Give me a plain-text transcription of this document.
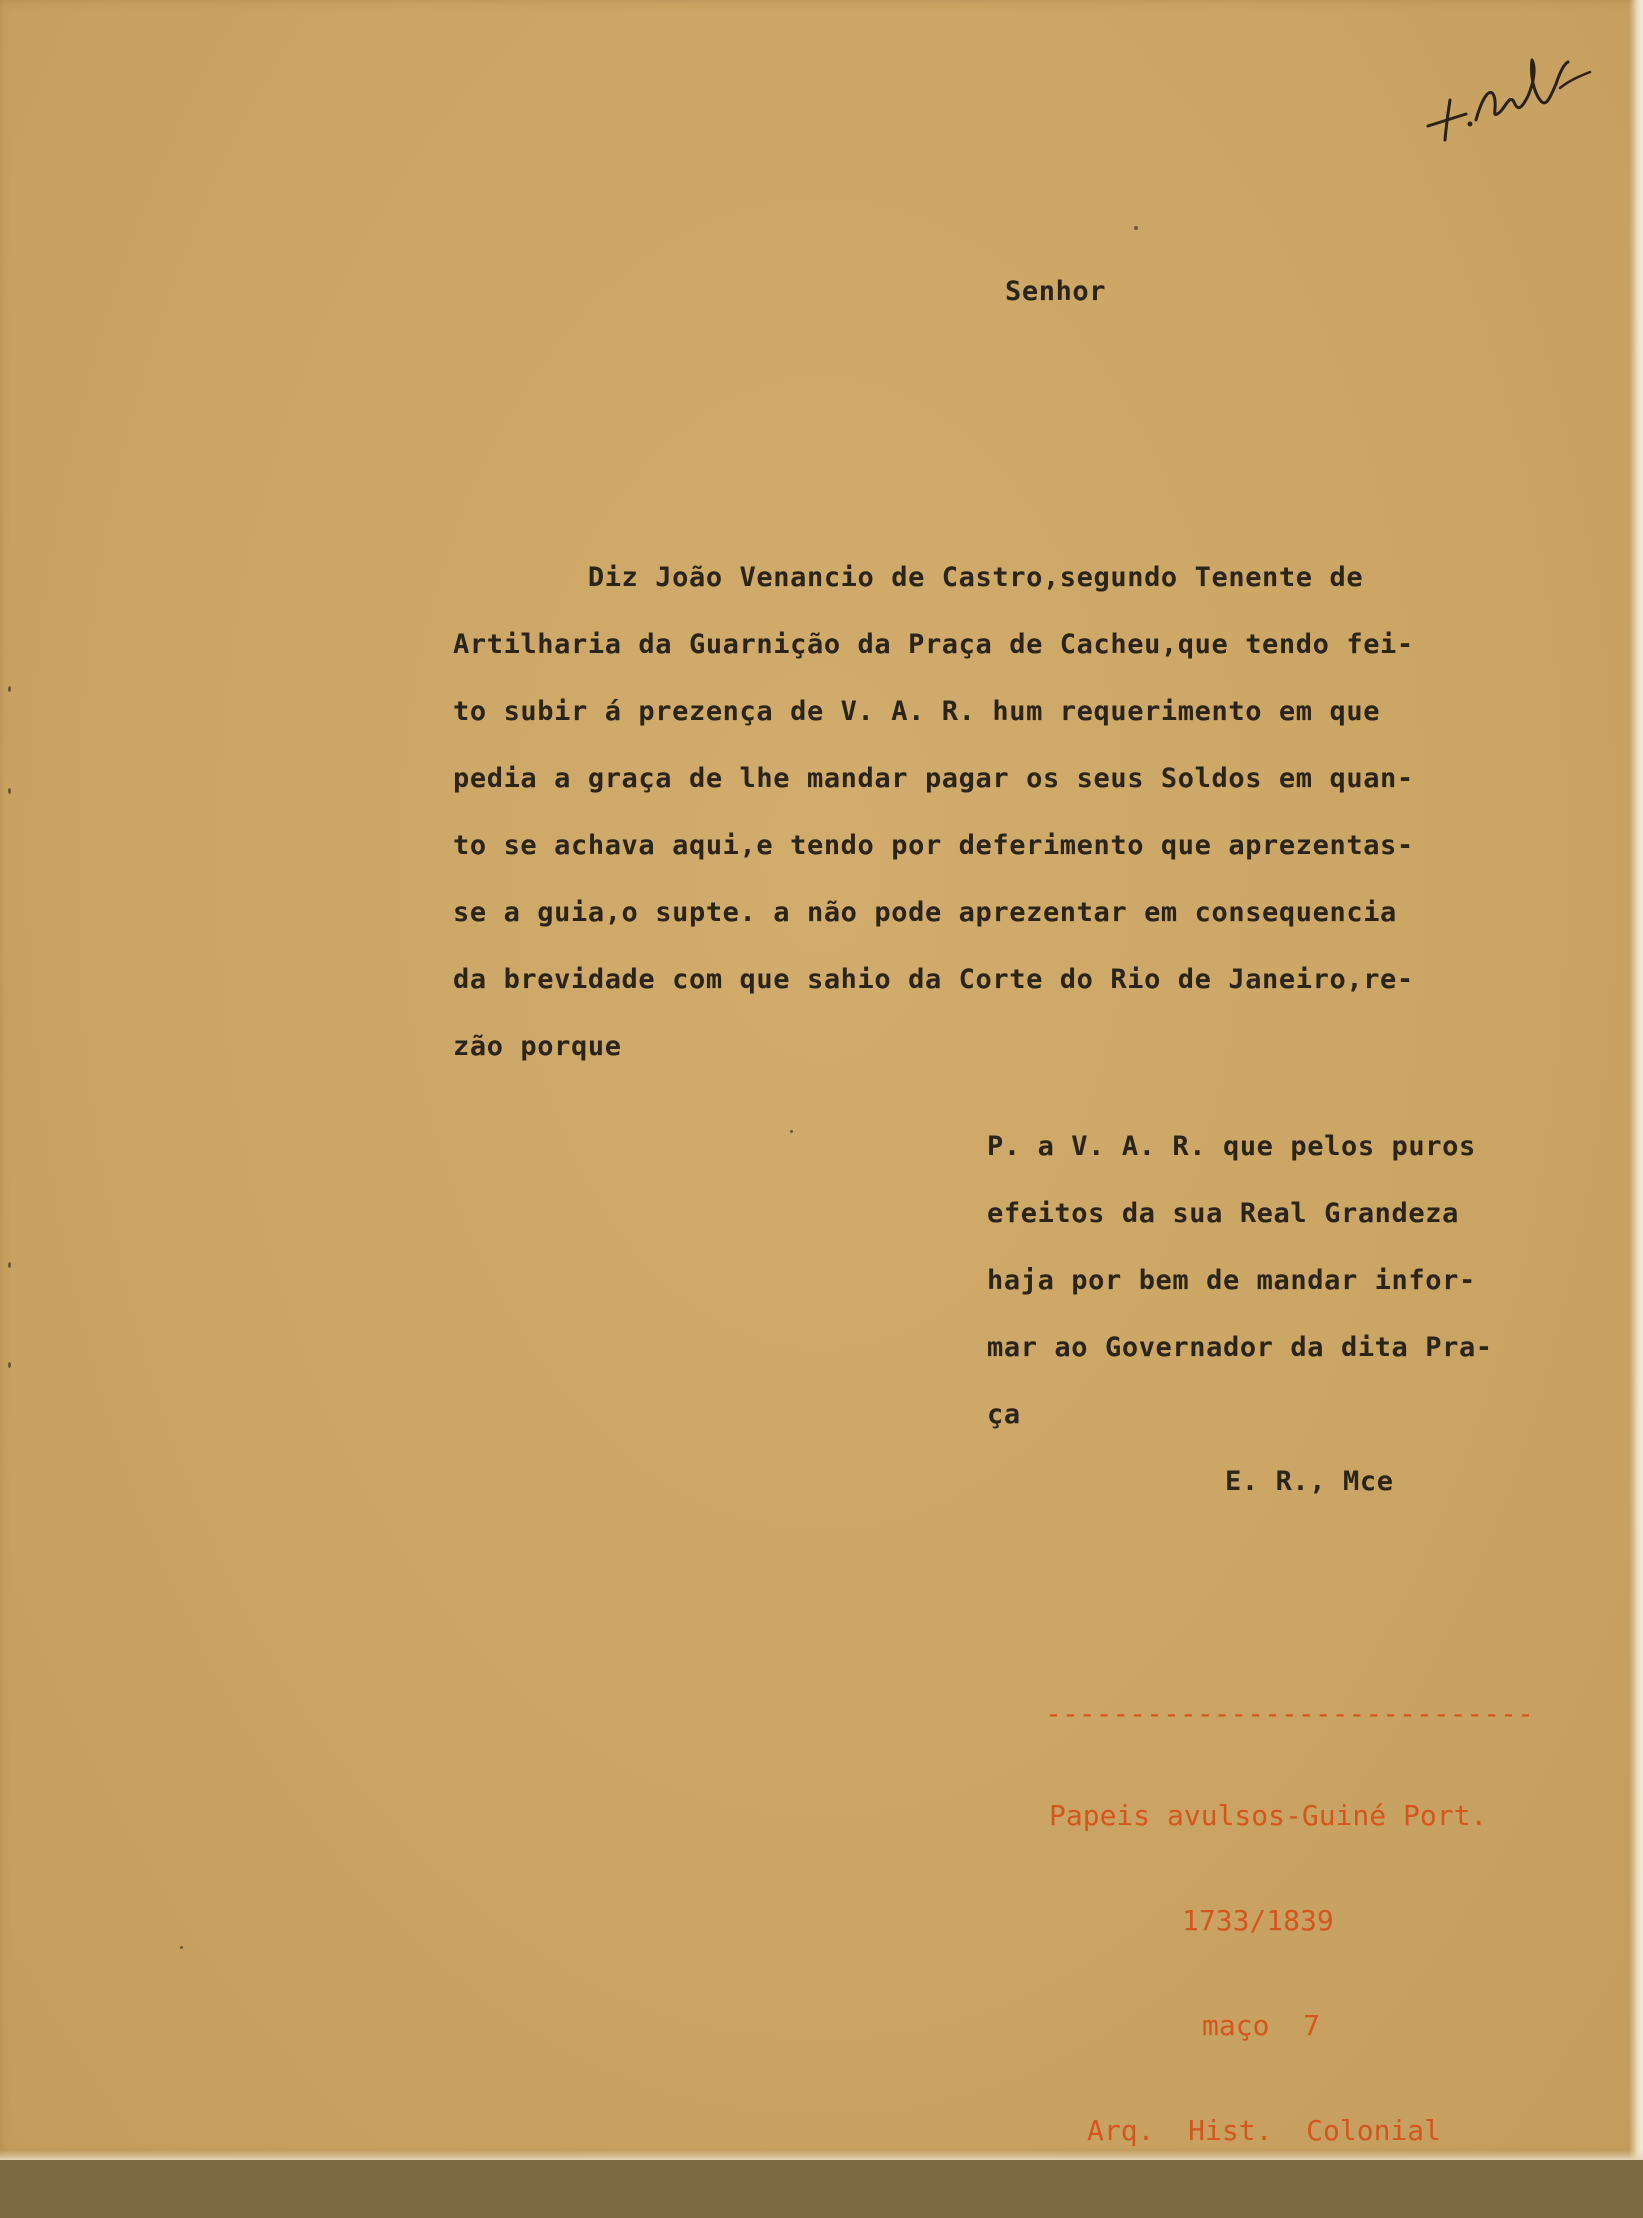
Senhor
Diz João Venancio de Castro,segundo Tenente de
Artilharia da Guarnição da Praça de Cacheu,que tendo fei-
to subir á prezença de V. A. R. hum requerimento em que
pedia a graça de lhe mandar pagar os seus Soldos em quan-
to se achava aqui,e tendo por deferimento que aprezentas-
se a guia,o supte. a não pode aprezentar em consequencia
da brevidade com que sahio da Corte do Rio de Janeiro,re-
zão porque
P. a V. A. R. que pelos puros
efeitos da sua Real Grandeza
haja por bem de mandar infor-
mar ao Governador da dita Pra-
ça
E. R., Mce

-----------------------------

Papeis avulsos-Guiné Port.

1733/1839

maço  7

Arq.  Hist.  Colonial
